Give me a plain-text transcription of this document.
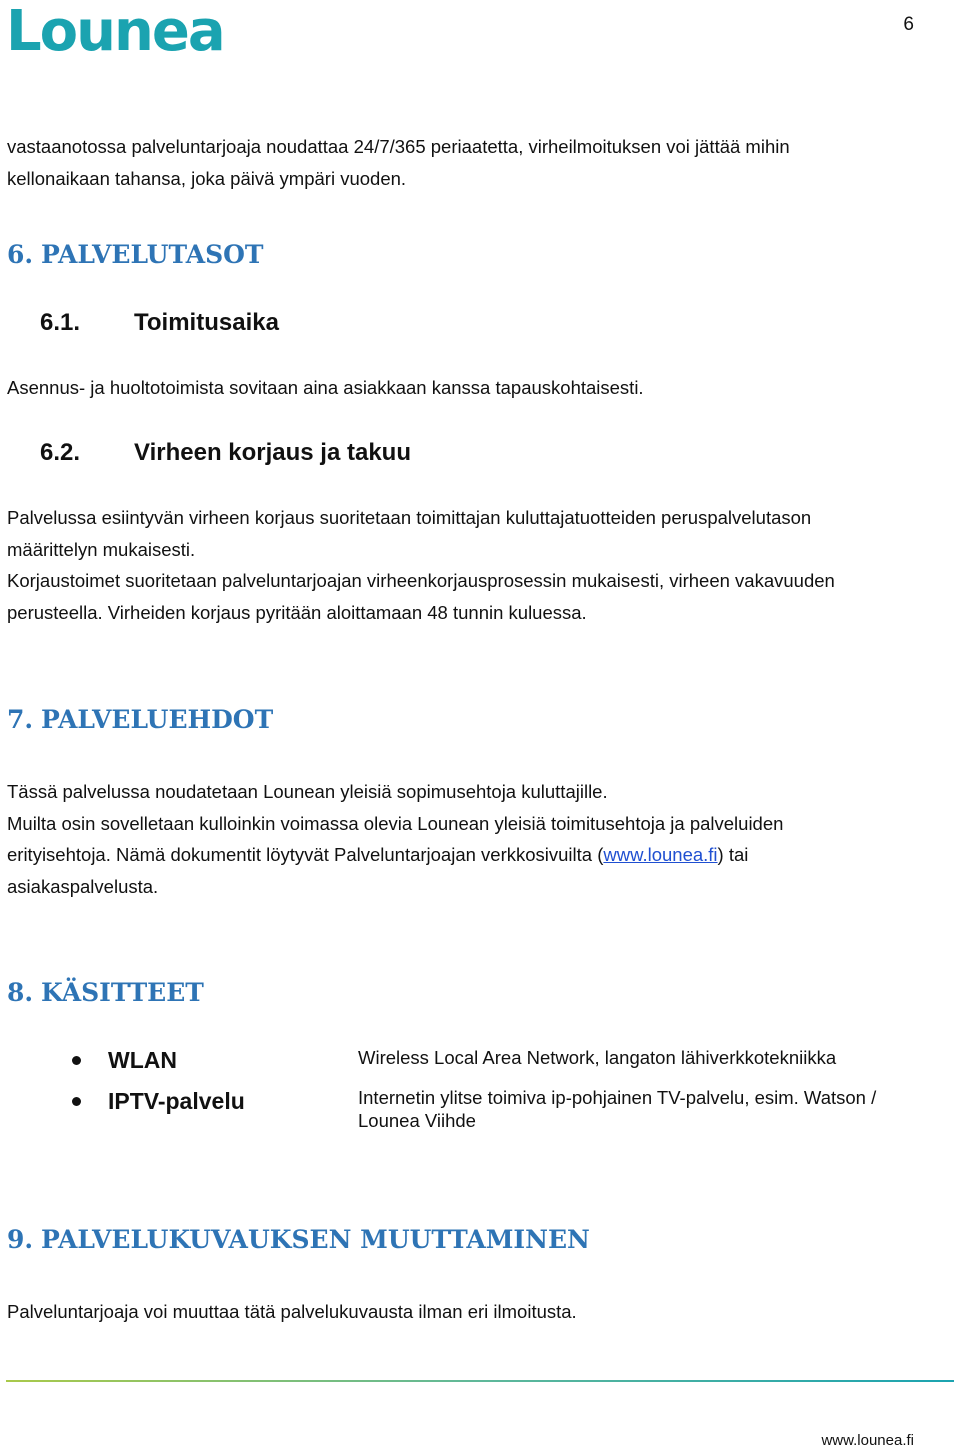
Lounea	6

vastaanotossa palveluntarjoaja noudattaa 24/7/365 periaatetta, virheilmoituksen voi jättää mihin
kellonaikaan tahansa, joka päivä ympäri vuoden.

6. PALVELUTASOT
6.1. Toimitusaika

Asennus- ja huoltotoimista sovitaan aina asiakkaan kanssa tapauskohtaisesti.

6.2. Virheen korjaus ja takuu

Palvelussa esiintyvän virheen korjaus suoritetaan toimittajan kuluttajatuotteiden peruspalvelutason
määrittelyn mukaisesti.
Korjaustoimet suoritetaan palveluntarjoajan virheenkorjausprosessin mukaisesti, virheen vakavuuden
perusteella. Virheiden korjaus pyritään aloittamaan 48 tunnin kuluessa.

7. PALVELUEHDOT

Tässä palvelussa noudatetaan Lounean yleisiä sopimusehtoja kuluttajille.
Muilta osin sovelletaan kulloinkin voimassa olevia Lounean yleisiä toimitusehtoja ja palveluiden
erityisehtoja. Nämä dokumentit löytyvät Palveluntarjoajan verkkosivuilta (www.lounea.fi) tai
asiakaspalvelusta.

8. KÄSITTEET
WLAN	Wireless Local Area Network, langaton lähiverkkotekniikka
IPTV-palvelu	Internetin ylitse toimiva ip-pohjainen TV-palvelu, esim. Watson / Lounea Viihde
9. PALVELUKUVAUKSEN MUUTTAMINEN

Palveluntarjoaja voi muuttaa tätä palvelukuvausta ilman eri ilmoitusta.

www.lounea.fi
